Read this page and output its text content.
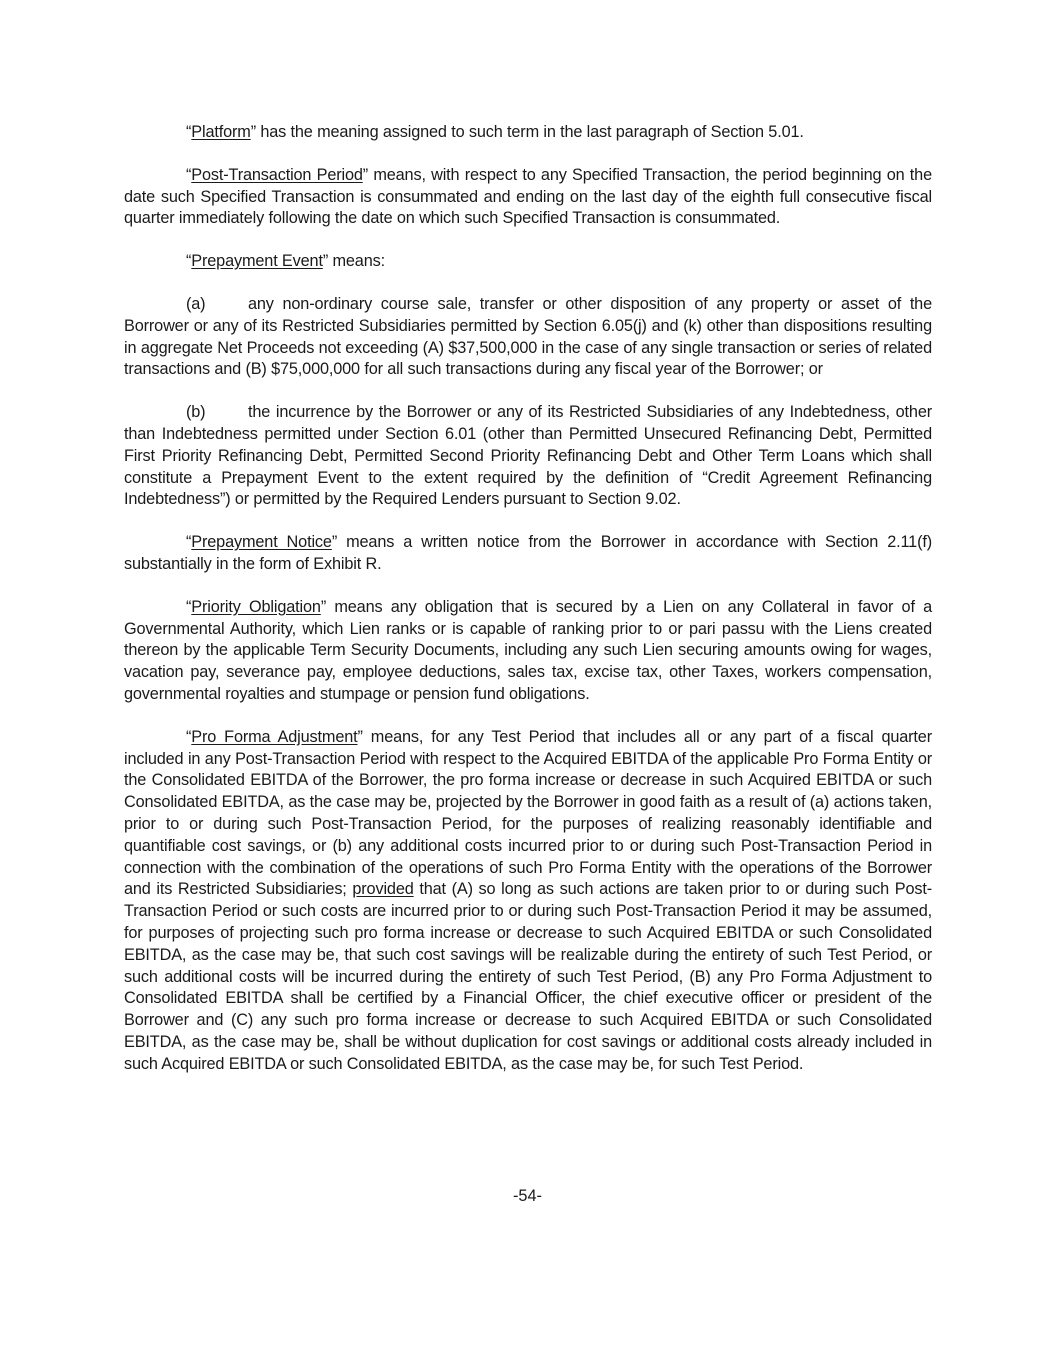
“Platform” has the meaning assigned to such term in the last paragraph of Section 5.01.

“Post-Transaction Period” means, with respect to any Specified Transaction, the period beginning on the date such Specified Transaction is consummated and ending on the last day of the eighth full consecutive fiscal quarter immediately following the date on which such Specified Transaction is consummated.

“Prepayment Event” means:

(a)	any non-ordinary course sale, transfer or other disposition of any property or asset of the Borrower or any of its Restricted Subsidiaries permitted by Section 6.05(j) and (k) other than dispositions resulting in aggregate Net Proceeds not exceeding (A) $37,500,000 in the case of any single transaction or series of related transactions and (B) $75,000,000 for all such transactions during any fiscal year of the Borrower; or

(b)	the incurrence by the Borrower or any of its Restricted Subsidiaries of any Indebtedness, other than Indebtedness permitted under Section 6.01 (other than Permitted Unsecured Refinancing Debt, Permitted First Priority Refinancing Debt, Permitted Second Priority Refinancing Debt and Other Term Loans which shall constitute a Prepayment Event to the extent required by the definition of “Credit Agreement Refinancing Indebtedness”) or permitted by the Required Lenders pursuant to Section 9.02.

“Prepayment Notice” means a written notice from the Borrower in accordance with Section 2.11(f) substantially in the form of Exhibit R.

“Priority Obligation” means any obligation that is secured by a Lien on any Collateral in favor of a Governmental Authority, which Lien ranks or is capable of ranking prior to or pari passu with the Liens created thereon by the applicable Term Security Documents, including any such Lien securing amounts owing for wages, vacation pay, severance pay, employee deductions, sales tax, excise tax, other Taxes, workers compensation, governmental royalties and stumpage or pension fund obligations.

“Pro Forma Adjustment” means, for any Test Period that includes all or any part of a fiscal quarter included in any Post-Transaction Period with respect to the Acquired EBITDA of the applicable Pro Forma Entity or the Consolidated EBITDA of the Borrower, the pro forma increase or decrease in such Acquired EBITDA or such Consolidated EBITDA, as the case may be, projected by the Borrower in good faith as a result of (a) actions taken, prior to or during such Post-Transaction Period, for the purposes of realizing reasonably identifiable and quantifiable cost savings, or (b) any additional costs incurred prior to or during such Post-Transaction Period in connection with the combination of the operations of such Pro Forma Entity with the operations of the Borrower and its Restricted Subsidiaries; provided that (A) so long as such actions are taken prior to or during such Post-Transaction Period or such costs are incurred prior to or during such Post-Transaction Period it may be assumed, for purposes of projecting such pro forma increase or decrease to such Acquired EBITDA or such Consolidated EBITDA, as the case may be, that such cost savings will be realizable during the entirety of such Test Period, or such additional costs will be incurred during the entirety of such Test Period, (B) any Pro Forma Adjustment to Consolidated EBITDA shall be certified by a Financial Officer, the chief executive officer or president of the Borrower and (C) any such pro forma increase or decrease to such Acquired EBITDA or such Consolidated EBITDA, as the case may be, shall be without duplication for cost savings or additional costs already included in such Acquired EBITDA or such Consolidated EBITDA, as the case may be, for such Test Period.

-54-
